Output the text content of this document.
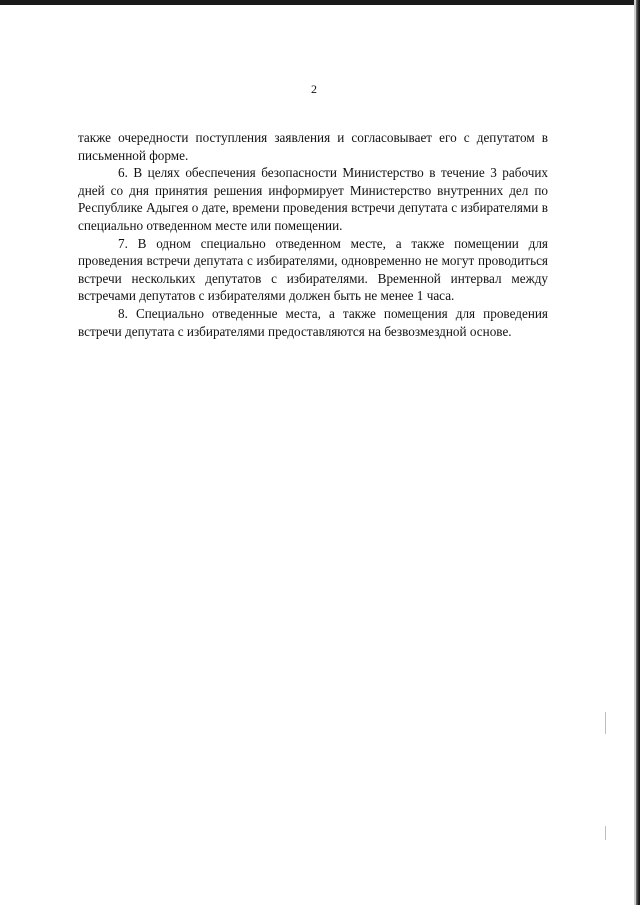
2

также очередности поступления заявления и согласовывает его с депутатом в письменной форме.

6. В целях обеспечения безопасности Министерство в течение 3 рабочих дней со дня принятия решения информирует Министерство внутренних дел по Республике Адыгея о дате, времени проведения встречи депутата с избирателями в специально отведенном месте или помещении.

7. В одном специально отведенном месте, а также помещении для проведения встречи депутата с избирателями, одновременно не могут проводиться встречи нескольких депутатов с избирателями. Временной интервал между встречами депутатов с избирателями должен быть не менее 1 часа.

8. Специально отведенные места, а также помещения для проведения встречи депутата с избирателями предоставляются на безвозмездной основе.
